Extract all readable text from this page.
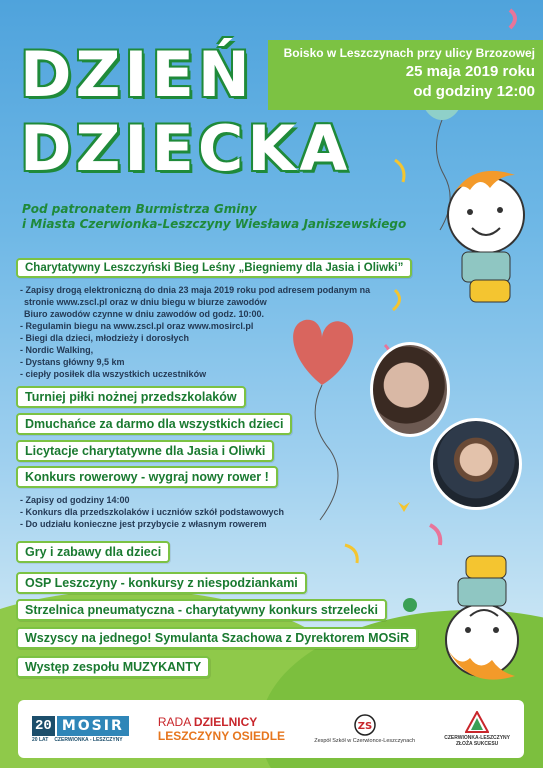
DZIEŃ
DZIECKA
Boisko w Leszczynach przy ulicy Brzozowej
25 maja 2019 roku
od godziny 12:00
Pod patronatem Burmistrza Gminy
i Miasta Czerwionka-Leszczyny Wiesława Janiszewskiego
Charytatywny Leszczyński Bieg Leśny „Biegniemy dla Jasia i Oliwki”
- Zapisy drogą elektroniczną do dnia 23 maja 2019 roku pod adresem podanym na
stronie www.zscl.pl oraz w dniu biegu w biurze zawodów
Biuro zawodów czynne w dniu zawodów od godz. 10:00.
- Regulamin biegu na www.zscl.pl oraz www.mosircl.pl
- Biegi dla dzieci, młodzieży i dorosłych
- Nordic Walking,
- Dystans główny 9,5 km
- ciepły posiłek dla wszystkich uczestników
Turniej piłki nożnej przedszkolaków
Dmuchańce za darmo dla wszystkich dzieci
Licytacje charytatywne dla Jasia i Oliwki
Konkurs rowerowy - wygraj nowy rower !
- Zapisy od godziny 14:00
- Konkurs dla przedszkolaków i uczniów szkół podstawowych
- Do udziału konieczne jest przybycie z własnym rowerem
Gry i zabawy dla dzieci
OSP Leszczyny - konkursy z niespodziankami
Strzelnica pneumatyczna - charytatywny konkurs strzelecki
Wszyscy na jednego! Symulanta Szachowa z Dyrektorem MOSiR
Występ zespołu MUZYKANTY
20 MOSIR
20 LAT CZERWIONKA - LESZCZYNY
RADA DZIELNICY
LESZCZYNY OSIEDLE
ZS
Zespół Szkół w Czerwionce-Leszczynach	CZERWIONKA-LESZCZYNY
ZŁOŻA SUKCESU
